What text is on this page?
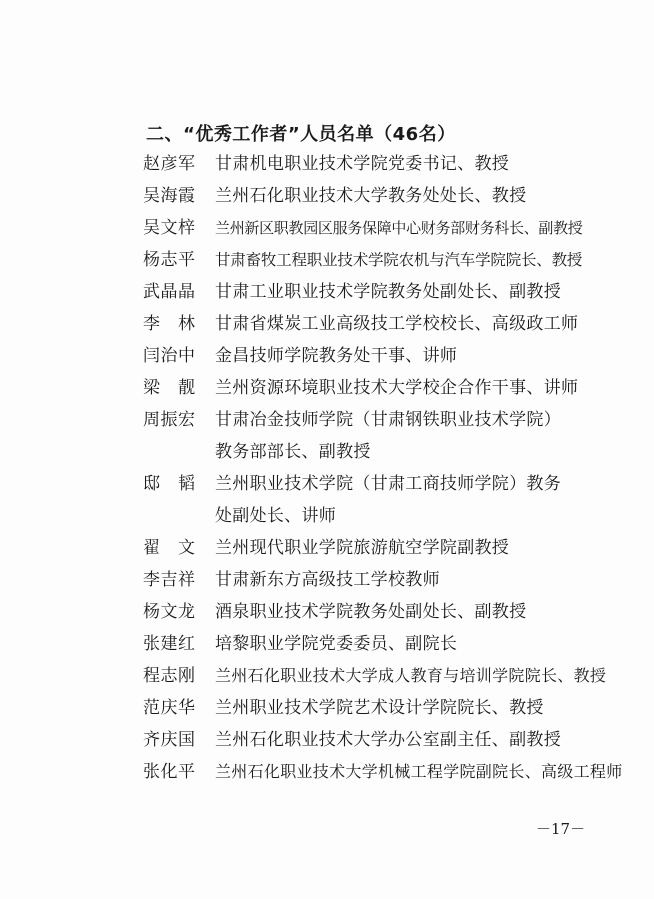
二、“优秀工作者”人员名单（46名）
赵彦军	甘肃机电职业技术学院党委书记、教授
吴海霞	兰州石化职业技术大学教务处处长、教授
吴文梓	兰州新区职教园区服务保障中心财务部财务科长、副教授
杨志平	甘肃畜牧工程职业技术学院农机与汽车学院院长、教授
武晶晶	甘肃工业职业技术学院教务处副处长、副教授
李　林	甘肃省煤炭工业高级技工学校校长、高级政工师
闫治中	金昌技师学院教务处干事、讲师
梁　靓	兰州资源环境职业技术大学校企合作干事、讲师
周振宏	甘肃冶金技师学院（甘肃钢铁职业技术学院）教务部部长、副教授
邸　韬	兰州职业技术学院（甘肃工商技师学院）教务处副处长、讲师
翟　文	兰州现代职业学院旅游航空学院副教授
李吉祥	甘肃新东方高级技工学校教师
杨文龙	酒泉职业技术学院教务处副处长、副教授
张建红	培黎职业学院党委委员、副院长
程志刚	兰州石化职业技术大学成人教育与培训学院院长、教授
范庆华	兰州职业技术学院艺术设计学院院长、教授
齐庆国	兰州石化职业技术大学办公室副主任、副教授
张化平	兰州石化职业技术大学机械工程学院副院长、高级工程师
－17－
